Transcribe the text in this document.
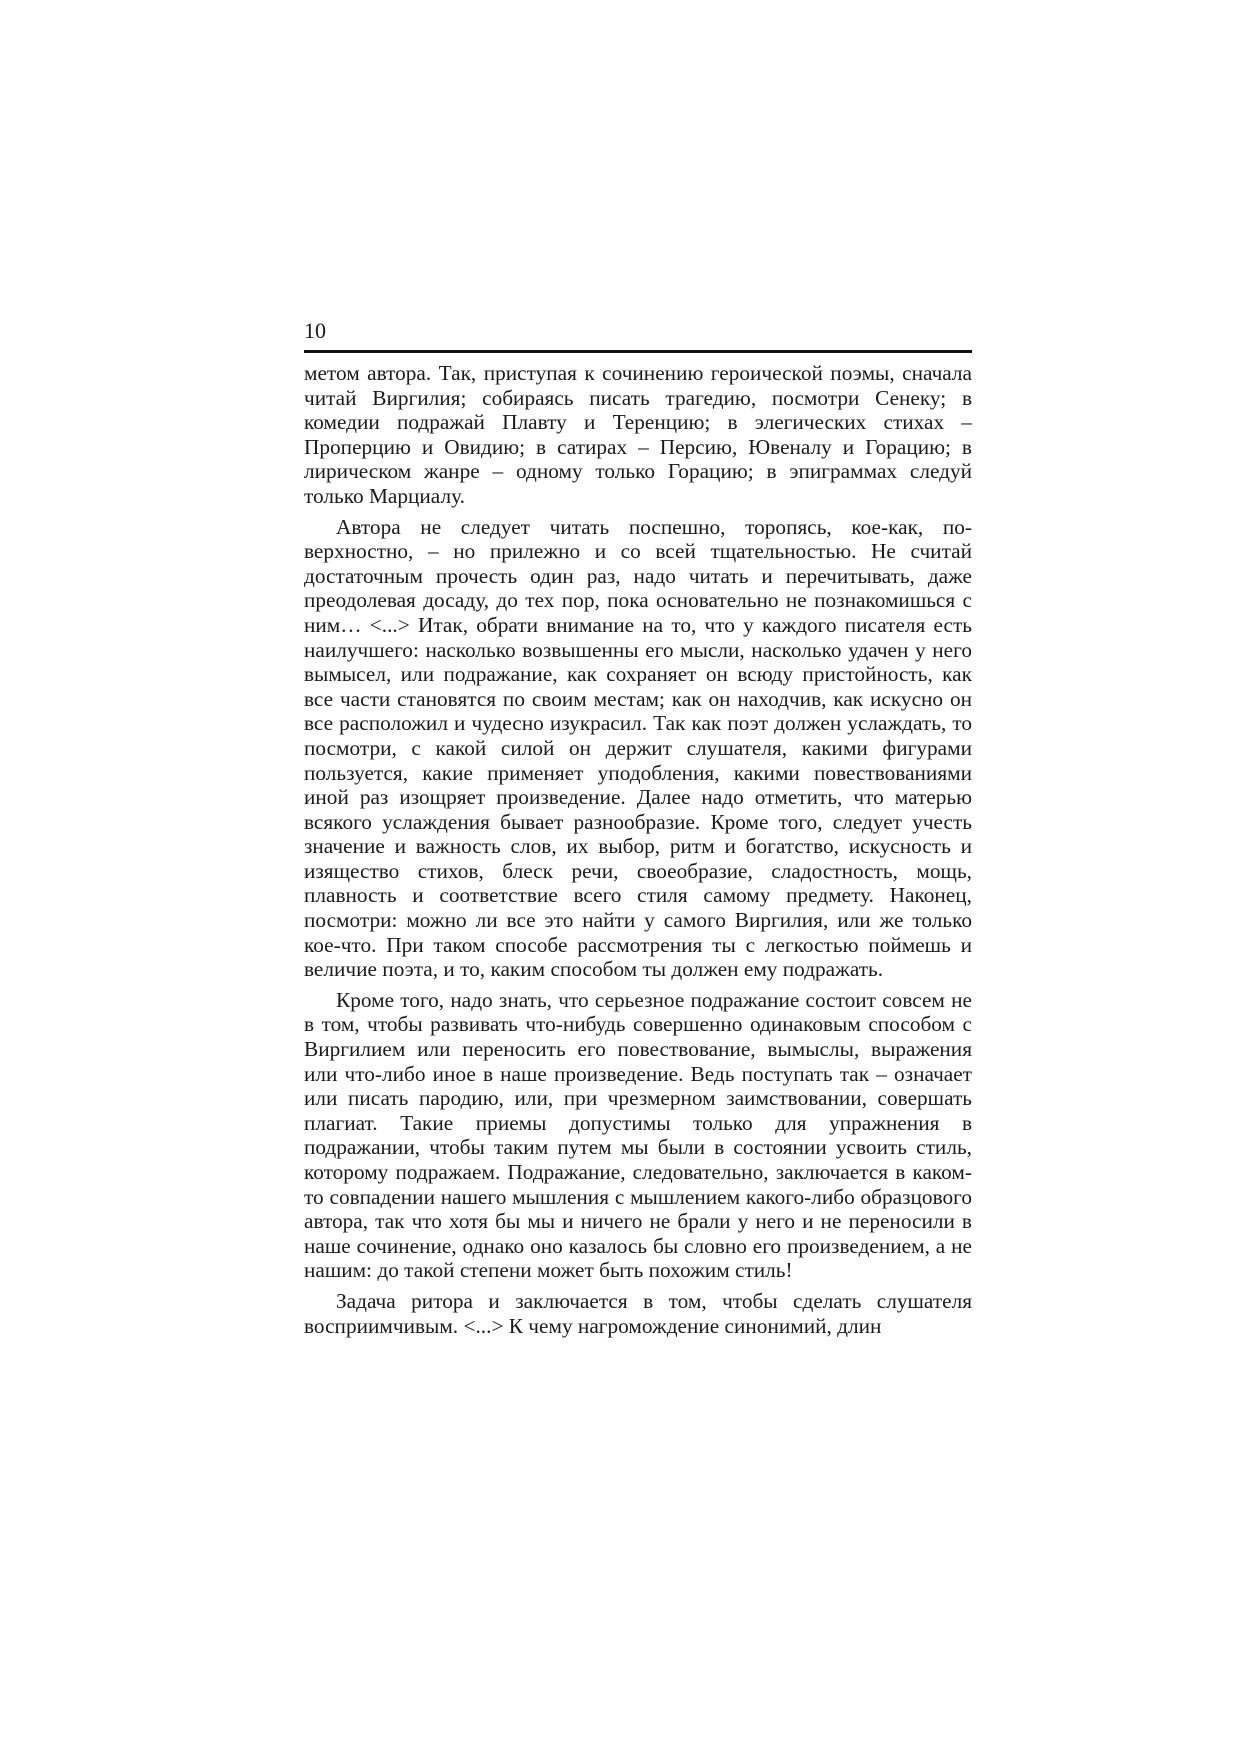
10

метом автора. Так, приступая к сочинению героической поэмы, сначала читай Виргилия; собираясь писать трагедию, посмотри Сенеку; в комедии подражай Плавту и Теренцию; в элегических стихах – Проперцию и Овидию; в сатирах – Персию, Ювеналу и Горацию; в лирическом жанре – одному только Горацию; в эпиграммах следуй только Марциалу.

Автора не следует читать поспешно, торопясь, кое-как, поверхностно, – но прилежно и со всей тщательностью. Не считай достаточным прочесть один раз, надо читать и перечитывать, даже преодолевая досаду, до тех пор, пока основательно не познакомишься с ним… <...> Итак, обрати внимание на то, что у каждого писателя есть наилучшего: насколько возвышенны его мысли, насколько удачен у него вымысел, или подражание, как сохраняет он всюду пристойность, как все части становятся по своим местам; как он находчив, как искусно он все расположил и чудесно изукрасил. Так как поэт должен услаждать, то посмотри, с какой силой он держит слушателя, какими фигурами пользуется, какие применяет уподобления, какими повествованиями иной раз изощряет произведение. Далее надо отметить, что матерью всякого услаждения бывает разнообразие. Кроме того, следует учесть значение и важность слов, их выбор, ритм и богатство, искусность и изящество стихов, блеск речи, своеобразие, сладостность, мощь, плавность и соответствие всего стиля самому предмету. Наконец, посмотри: можно ли все это найти у самого Виргилия, или же только кое-что. При таком способе рассмотрения ты с легкостью поймешь и величие поэта, и то, каким способом ты должен ему подражать.

Кроме того, надо знать, что серьезное подражание состоит совсем не в том, чтобы развивать что-нибудь совершенно одинаковым способом с Виргилием или переносить его повествование, вымыслы, выражения или что-либо иное в наше произведение. Ведь поступать так – означает или писать пародию, или, при чрезмерном заимствовании, совершать плагиат. Такие приемы допустимы только для упражнения в подражании, чтобы таким путем мы были в состоянии усвоить стиль, которому подражаем. Подражание, следовательно, заключается в каком-то совпадении нашего мышления с мышлением какого-либо образцового автора, так что хотя бы мы и ничего не брали у него и не переносили в наше сочинение, однако оно казалось бы словно его произведением, а не нашим: до такой степени может быть похожим стиль!

Задача ритора и заключается в том, чтобы сделать слушателя восприимчивым. <...> К чему нагромождение синонимий, длин
